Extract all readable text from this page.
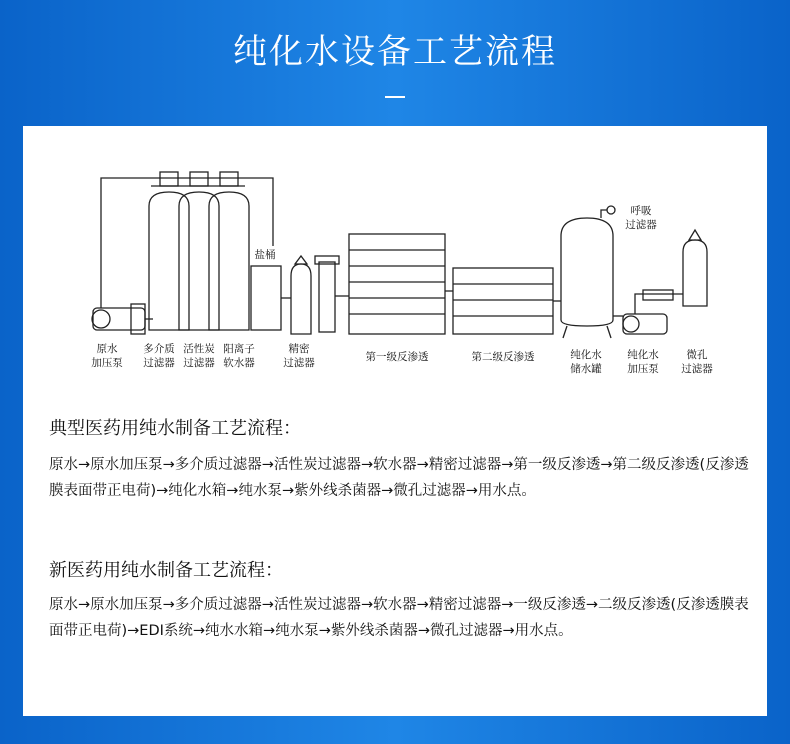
纯化水设备工艺流程
原水
加压泵
多介质
过滤器
活性炭
过滤器
阳离子
软水器
盐桶
精密
过滤器	第一级反渗透	第二级反渗透	纯化水
储水罐
纯化水
加压泵
微孔
过滤器
呼吸
过滤器
典型医药用纯水制备工艺流程：
原水→原水加压泵→多介质过滤器→活性炭过滤器→软水器→精密过滤器→第一级反渗透→第二级反渗透(反渗透膜表面带正电荷)→纯化水箱→纯水泵→紫外线杀菌器→微孔过滤器→用水点。
新医药用纯水制备工艺流程：
原水→原水加压泵→多介质过滤器→活性炭过滤器→软水器→精密过滤器→一级反渗透→二级反渗透(反渗透膜表面带正电荷)→EDI系统→纯水水箱→纯水泵→紫外线杀菌器→微孔过滤器→用水点。
